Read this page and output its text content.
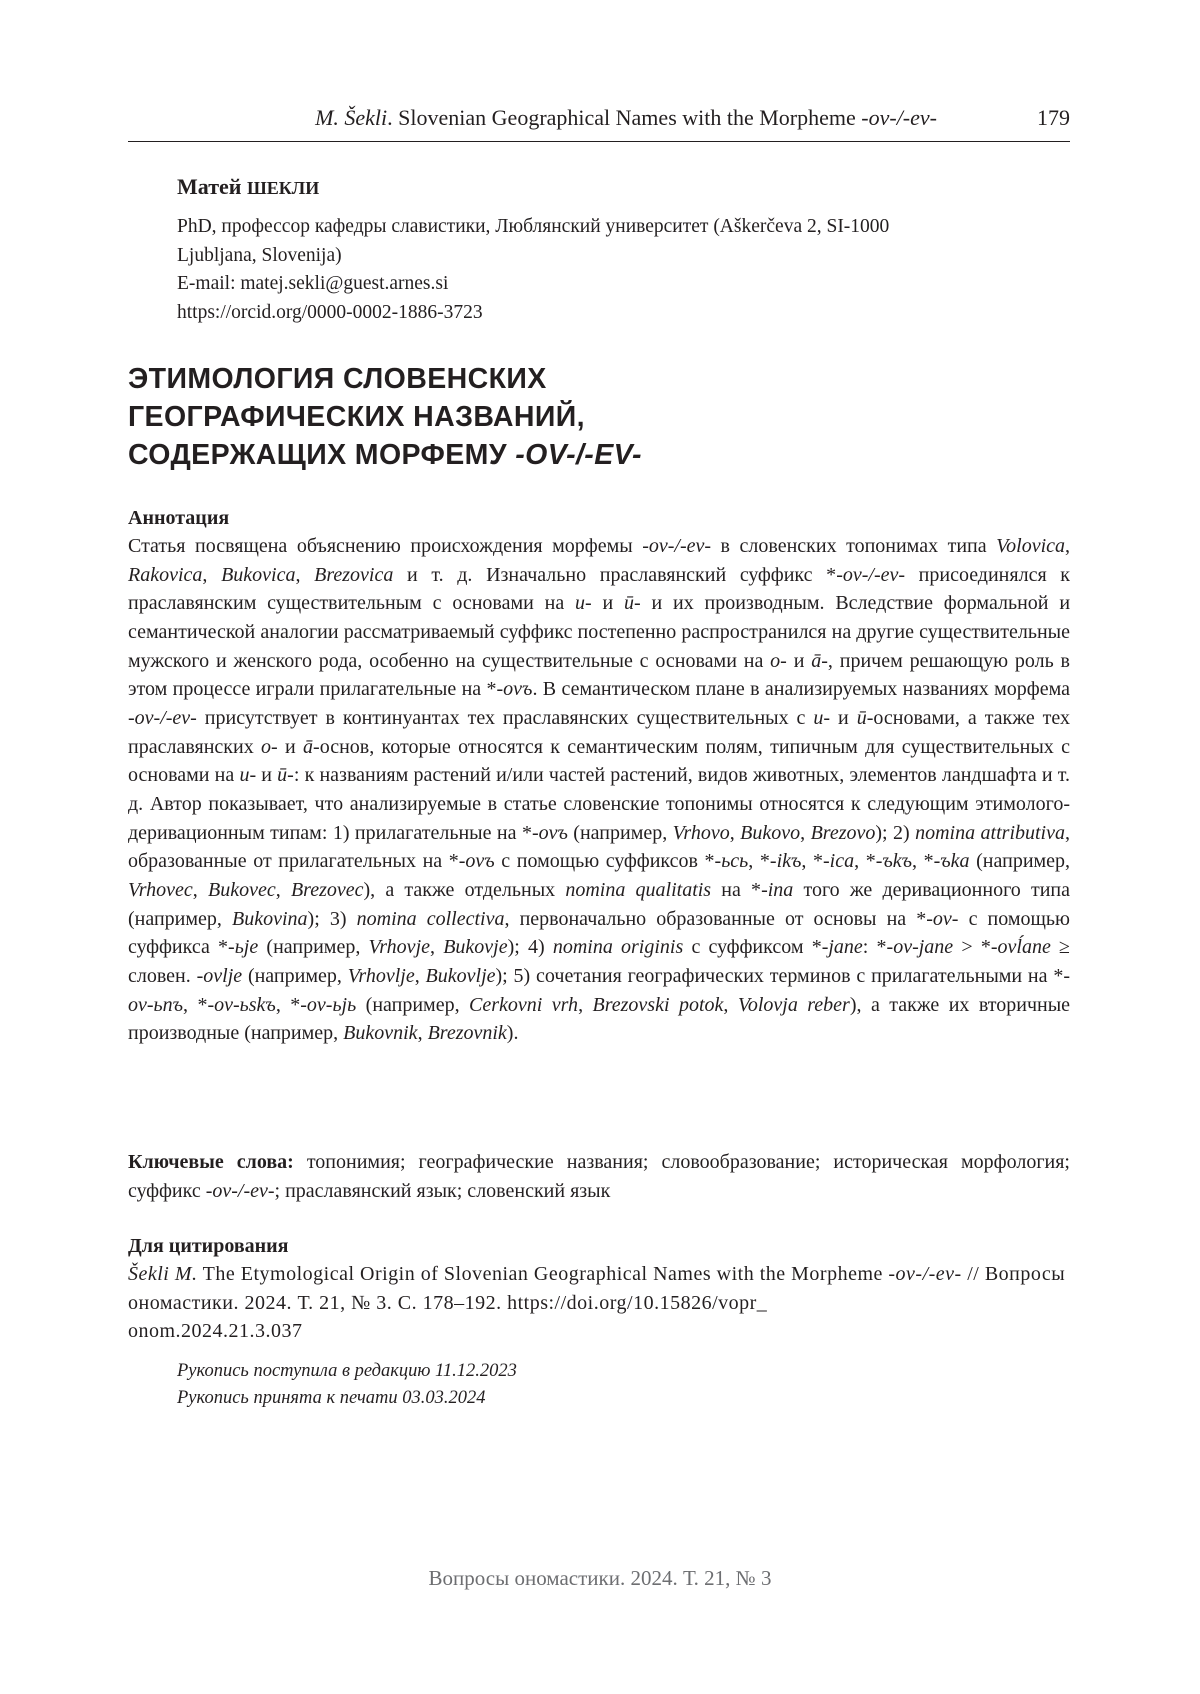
M. Šekli. Slovenian Geographical Names with the Morpheme -ov-/-ev-	179
Матей ШЕКЛИ
PhD, профессор кафедры славистики, Люблянский университет (Aškerčeva 2, SI-1000
Ljubljana, Slovenija)
E-mail: matej.sekli@guest.arnes.si
https://orcid.org/0000-0002-1886-3723
ЭТИМОЛОГИЯ СЛОВЕНСКИХ
ГЕОГРАФИЧЕСКИХ НАЗВАНИЙ,
СОДЕРЖАЩИХ МОРФЕМУ -OV-/-EV-
Аннотация

Статья посвящена объяснению происхождения морфемы -ov-/-ev- в словенских топонимах типа Volovica, Rakovica, Bukovica, Brezovica и т. д. Изначально праславянский суффикс *-ov-/-ev- присоединялся к праславянским существительным с основами на u- и ū- и их производным. Вследствие формальной и семантической аналогии рассматриваемый суффикс постепенно распространился на другие существительные мужского и женского рода, особенно на существительные с основами на o- и ā-, причем решающую роль в этом процессе играли прилагательные на *-ovъ. В семантическом плане в анализируемых названиях морфема -ov-/-ev- присутствует в континуантах тех праславянских существительных с u- и ū-основами, а также тех праславянских o- и ā-основ, которые относятся к семантическим полям, типичным для существительных с основами на u- и ū-: к названиям растений и/или частей растений, видов животных, элементов ландшафта и т. д. Автор показывает, что анализируемые в статье словенские топонимы относятся к следующим этимолого-деривационным типам: 1) прилагательные на *-ovъ (например, Vrhovo, Bukovo, Brezovo); 2) nomina attributiva, образованные от прилагательных на *-ovъ с помощью суффиксов *-ьcь, *-ikъ, *-ica, *-ъkъ, *-ъka (например, Vrhovec, Bukovec, Brezovec), а также отдельных nomina qualitatis на *-ina того же деривационного типа (например, Bukovina); 3) nomina collectiva, первоначально образованные от основы на *-ov- с помощью суффикса *-ьje (например, Vrhovje, Bukovje); 4) nomina originis с суффиксом *-jane: *-ov-jane > *-ovĺane ≥ словен. -ovlje (например, Vrhovlje, Bukovlje); 5) сочетания географических терминов с прилагательными на *-ov-ьnъ, *-ov-ьskъ, *-ov-ьjь (например, Cerkovni vrh, Brezovski potok, Volovja reber), а также их вторичные производные (например, Bukovnik, Brezovnik).

Ключевые слова: топонимия; географические названия; словообразование; историческая морфология; суффикс -ov-/-ev-; праславянский язык; словенский язык
Для цитирования
Šekli M. The Etymological Origin of Slovenian Geographical Names with the Morpheme -ov-/-ev- // Вопросы ономастики. 2024. Т. 21, № 3. С. 178–192. https://doi.org/10.15826/vopr_
onom.2024.21.3.037
Рукопись поступила в редакцию 11.12.2023
Рукопись принята к печати 03.03.2024
Вопросы ономастики. 2024. Т. 21, № 3
